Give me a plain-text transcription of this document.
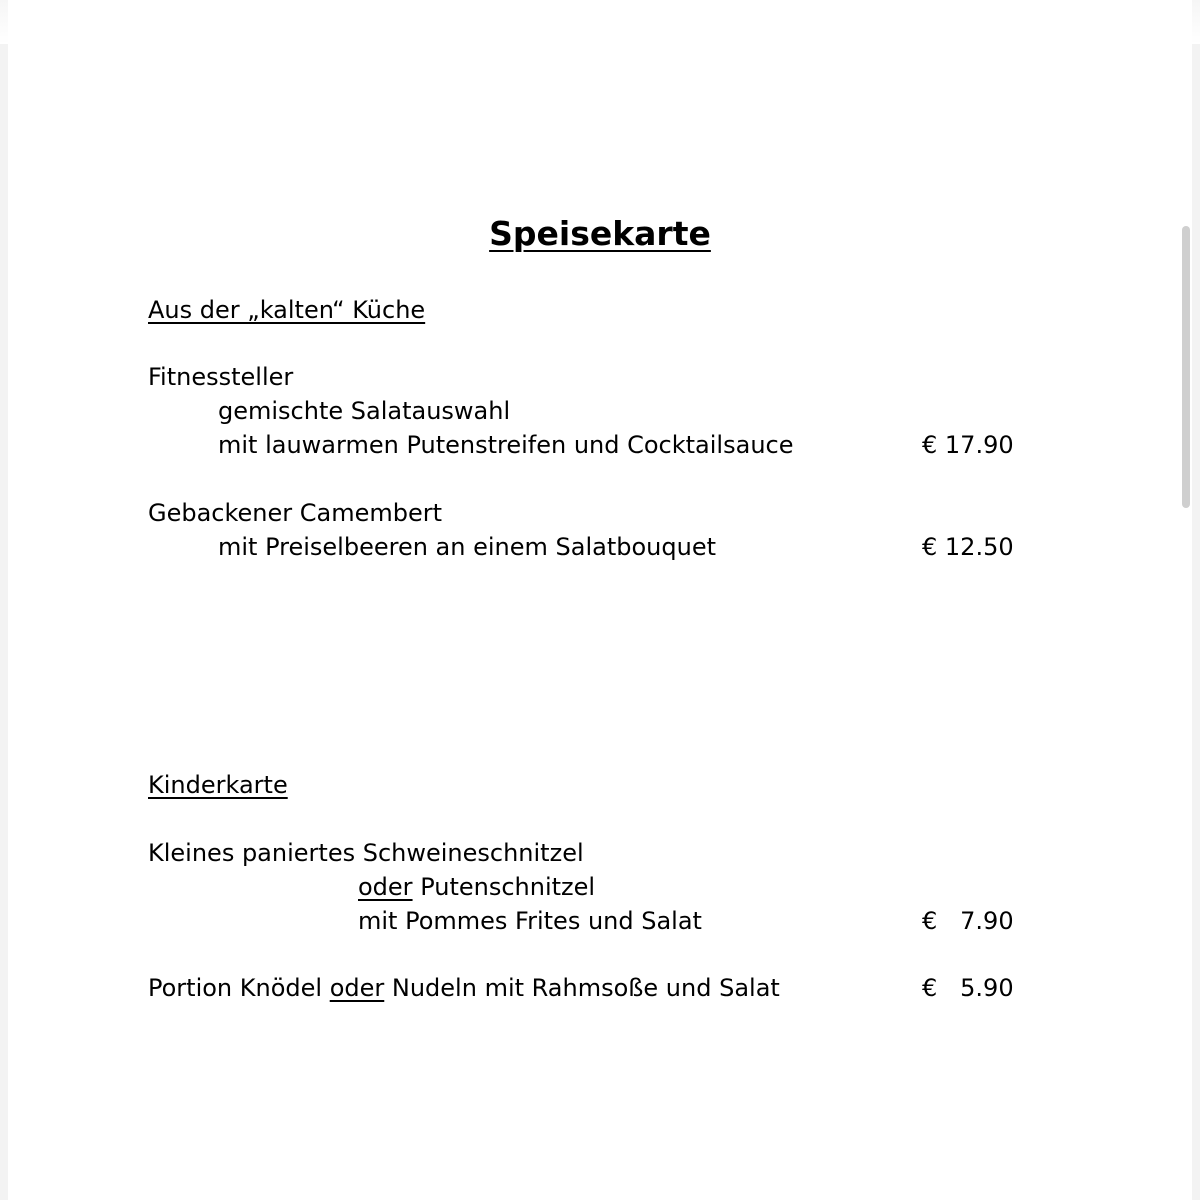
Speisekarte
Aus der „kalten“ Küche
Fitnessteller
gemischte Salatauswahl
mit lauwarmen Putenstreifen und Cocktailsauce	€ 17.90
Gebackener Camembert
mit Preiselbeeren an einem Salatbouquet	€ 12.50
Kinderkarte
Kleines paniertes Schweineschnitzel
oder Putenschnitzel
mit Pommes Frites und Salat	€   7.90
Portion Knödel oder Nudeln mit Rahmsoße und Salat	€   5.90
